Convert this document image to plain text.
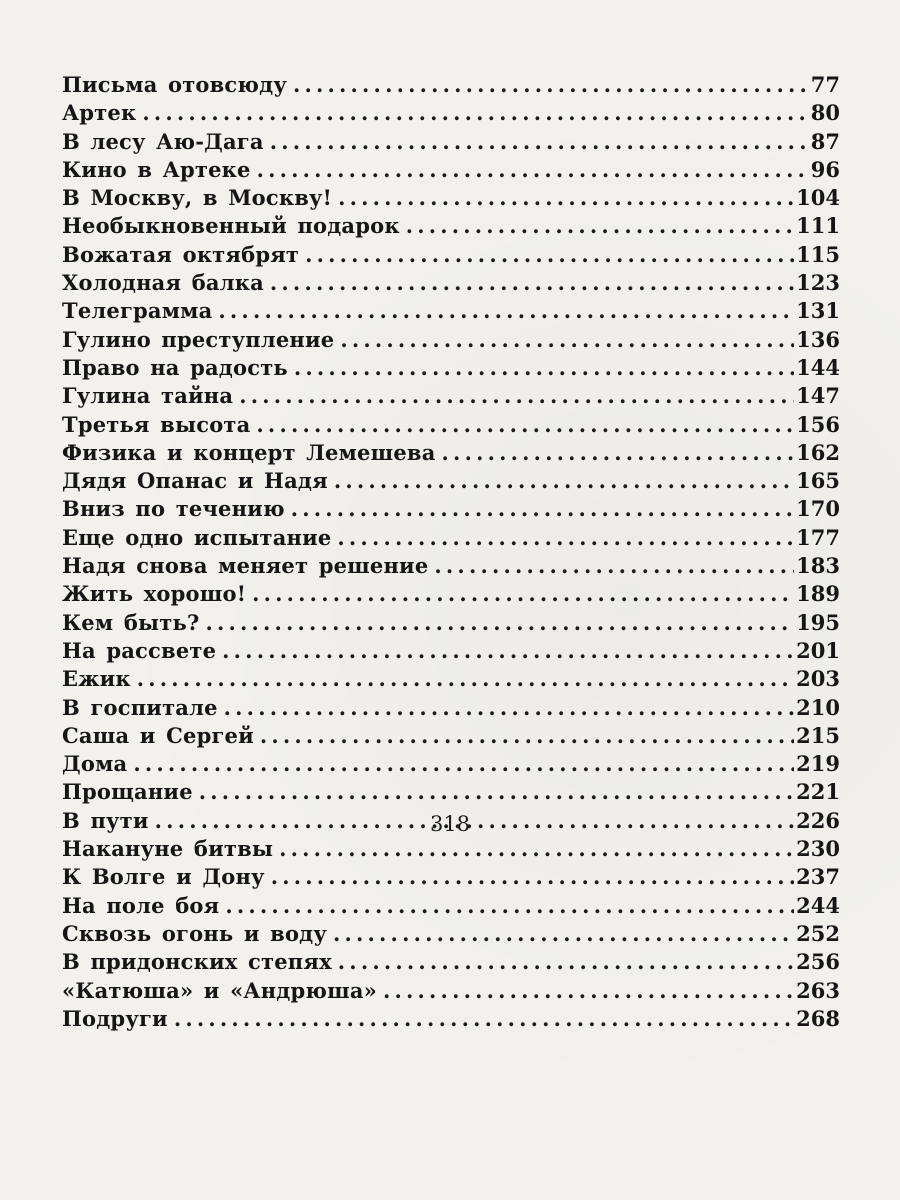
Письма отовсюду .....	77
Артек .....	80
В лесу Аю-Дага .....	87
Кино в Артеке .....	96
В Москву, в Москву! .....	104
Необыкновенный подарок .....	111
Вожатая октябрят .....	115
Холодная балка .....	123
Телеграмма .....	131
Гулино преступление .....	136
Право на радость .....	144
Гулина тайна .....	147
Третья высота .....	156
Физика и концерт Лемешева .....	162
Дядя Опанас и Надя .....	165
Вниз по течению .....	170
Еще одно испытание .....	177
Надя снова меняет решение .....	183
Жить хорошо! .....	189
Кем быть? .....	195
На рассвете .....	201
Ежик .....	203
В госпитале .....	210
Саша и Сергей .....	215
Дома .....	219
Прощание .....	221
В пути .....	226
Накануне битвы .....	230
К Волге и Дону .....	237
На поле боя .....	244
Сквозь огонь и воду .....	252
В придонских степях .....	256
«Катюша» и «Андрюша» .....	263
Подруги .....	268
318
